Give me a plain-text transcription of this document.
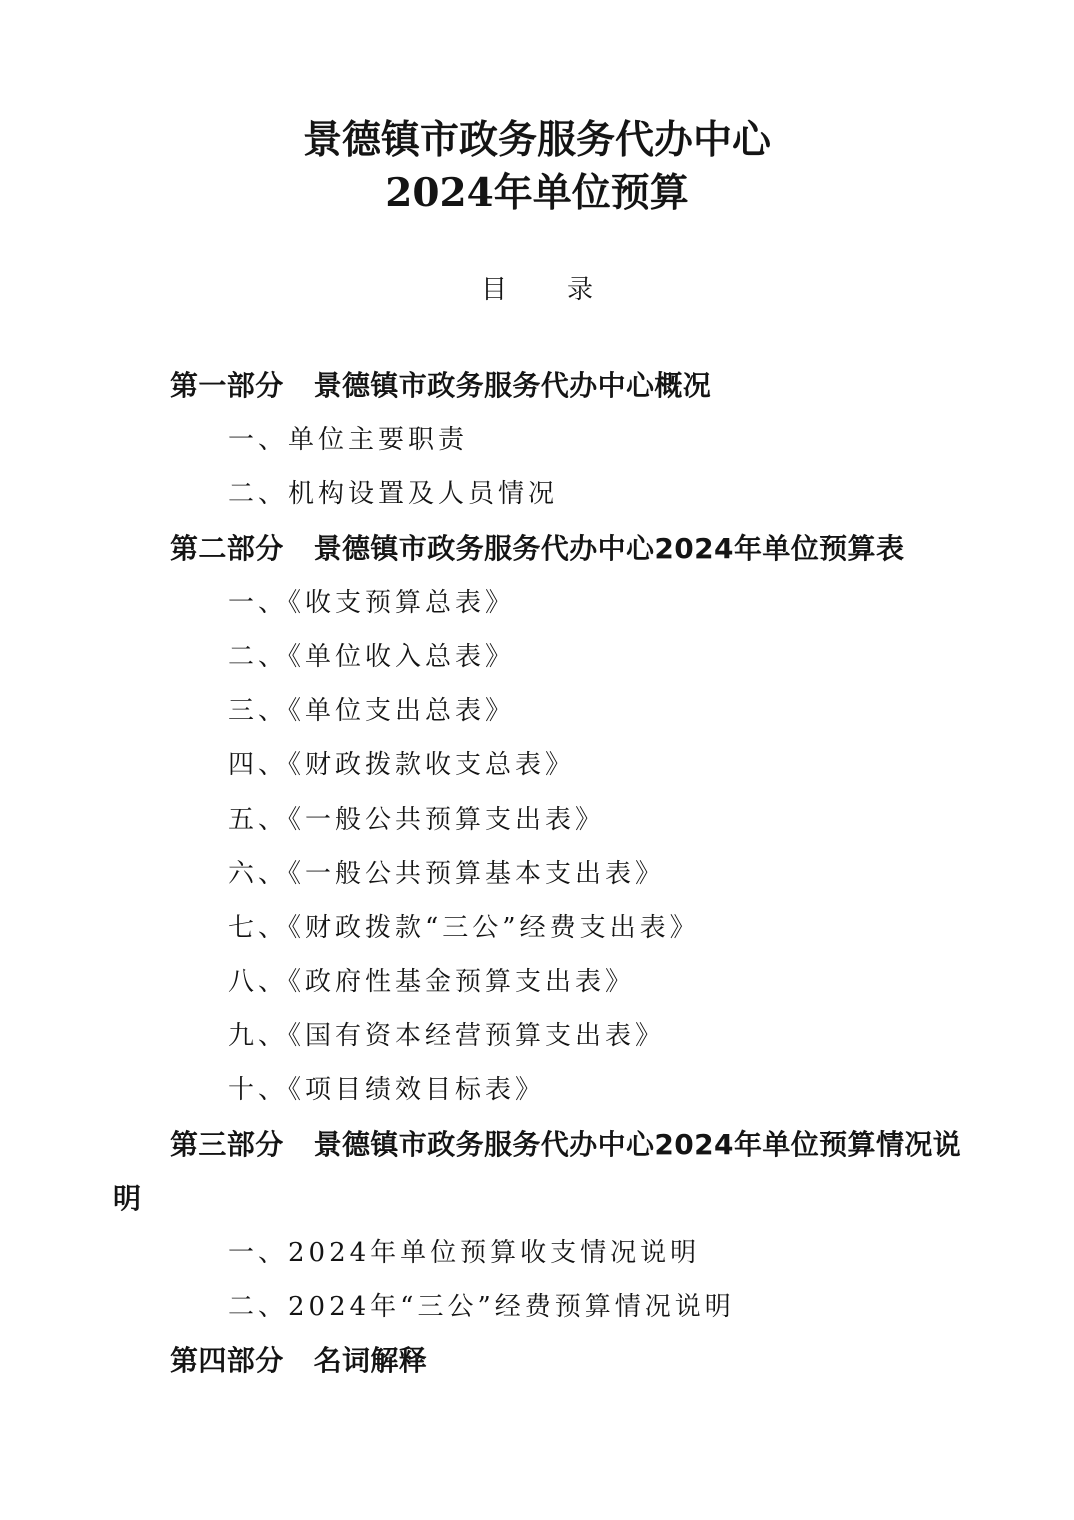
景德镇市政务服务代办中心
2024年单位预算
目　录
第一部分 景德镇市政务服务代办中心概况
一、单位主要职责
二、机构设置及人员情况
第二部分 景德镇市政务服务代办中心2024年单位预算表
一、《收支预算总表》
二、《单位收入总表》
三、《单位支出总表》
四、《财政拨款收支总表》
五、《一般公共预算支出表》
六、《一般公共预算基本支出表》
七、《财政拨款“三公”经费支出表》
八、《政府性基金预算支出表》
九、《国有资本经营预算支出表》
十、《项目绩效目标表》
第三部分 景德镇市政务服务代办中心2024年单位预算情况说
明
一、2024年单位预算收支情况说明
二、2024年“三公”经费预算情况说明
第四部分 名词解释
